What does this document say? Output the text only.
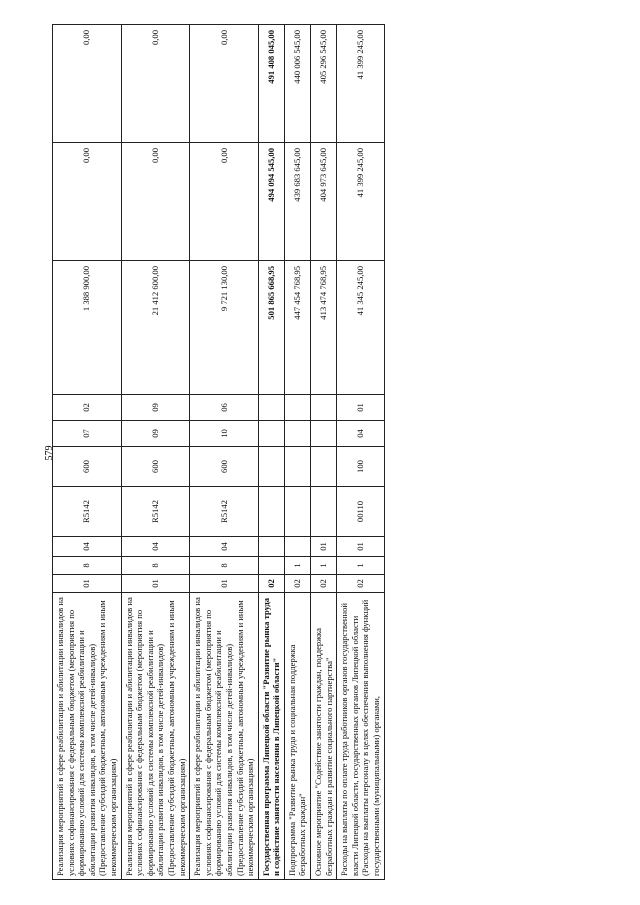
579
Реализация мероприятий в сфере реабилитации и абилитации инвалидов на условиях софинансирования с федеральным бюджетом (мероприятия по формированию условий для системы комплексной реабилитации и абилитации развития инвалидов, в том числе детей-инвалидов) (Предоставление субсидий бюджетным, автономным учреждениям и иным некоммерческим организациям)	01	8	04	R5142	600	07	02	1 388 900,00	0,00	0,00
Реализация мероприятий в сфере реабилитации и абилитации инвалидов на условиях софинансирования с федеральным бюджетом (мероприятия по формированию условий для системы комплексной реабилитации и абилитации развития инвалидов, в том числе детей-инвалидов) (Предоставление субсидий бюджетным, автономным учреждениям и иным некоммерческим организациям)	01	8	04	R5142	600	09	09	21 412 600,00	0,00	0,00
Реализация мероприятий в сфере реабилитации и абилитации инвалидов на условиях софинансирования с федеральным бюджетом (мероприятия по формированию условий для системы комплексной реабилитации и абилитации развития инвалидов, в том числе детей-инвалидов) (Предоставление субсидий бюджетным, автономным учреждениям и иным некоммерческим организациям)	01	8	04	R5142	600	10	06	9 721 130,00	0,00	0,00
Государственная программа Липецкой области "Развитие рынка труда и содействие занятости населения в Липецкой области"	02							501 865 668,95	494 094 545,00	491 408 045,00
Подпрограмма "Развитие рынка труда и социальная поддержка безработных граждан"	02	1						447 454 768,95	439 683 645,00	440 006 545,00
Основное мероприятие "Содействие занятости граждан, поддержка безработных граждан и развитие социального партнерства"	02	1	01					413 474 768,95	404 973 645,00	405 296 545,00
Расходы на выплаты по оплате труда работников органов государственной власти Липецкой области, государственных органов Липецкой области (Расходы на выплаты персоналу в целях обеспечения выполнения функций государственными (муниципальными) органами,	02	1	01	00110	100	04	01	41 345 245,00	41 399 245,00	41 399 245,00
